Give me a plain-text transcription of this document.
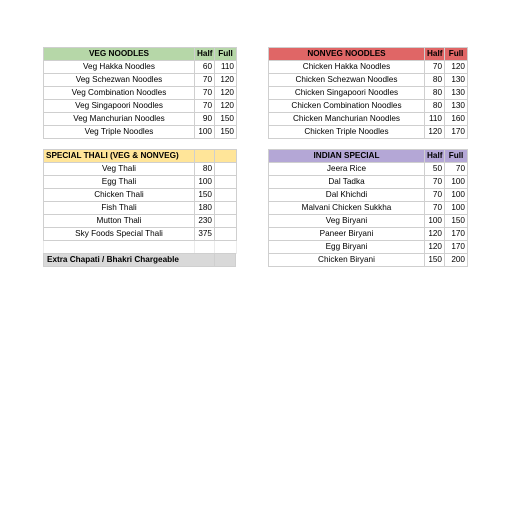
VEG NOODLES	Half	Full
Veg Hakka Noodles	60	110
Veg Schezwan Noodles	70	120
Veg Combination Noodles	70	120
Veg Singapoori Noodles	70	120
Veg Manchurian Noodles	90	150
Veg Triple Noodles	100	150
NONVEG NOODLES	Half	Full
Chicken Hakka Noodles	70	120
Chicken Schezwan Noodles	80	130
Chicken Singapoori Noodles	80	130
Chicken Combination Noodles	80	130
Chicken Manchurian Noodles	110	160
Chicken Triple Noodles	120	170
SPECIAL THALI (VEG & NONVEG)		
Veg Thali	80	
Egg Thali	100	
Chicken Thali	150	
Fish Thali	180	
Mutton Thali	230	
Sky Foods Special Thali	375	

INDIAN SPECIAL	Half	Full
Jeera Rice	50	70
Dal Tadka	70	100
Dal Khichdi	70	100
Malvani Chicken Sukkha	70	100
Veg Biryani	100	150
Paneer Biryani	120	170
Egg Biryani	120	170
Chicken Biryani	150	200
Extra Chapati / Bhakri Chargeable	
